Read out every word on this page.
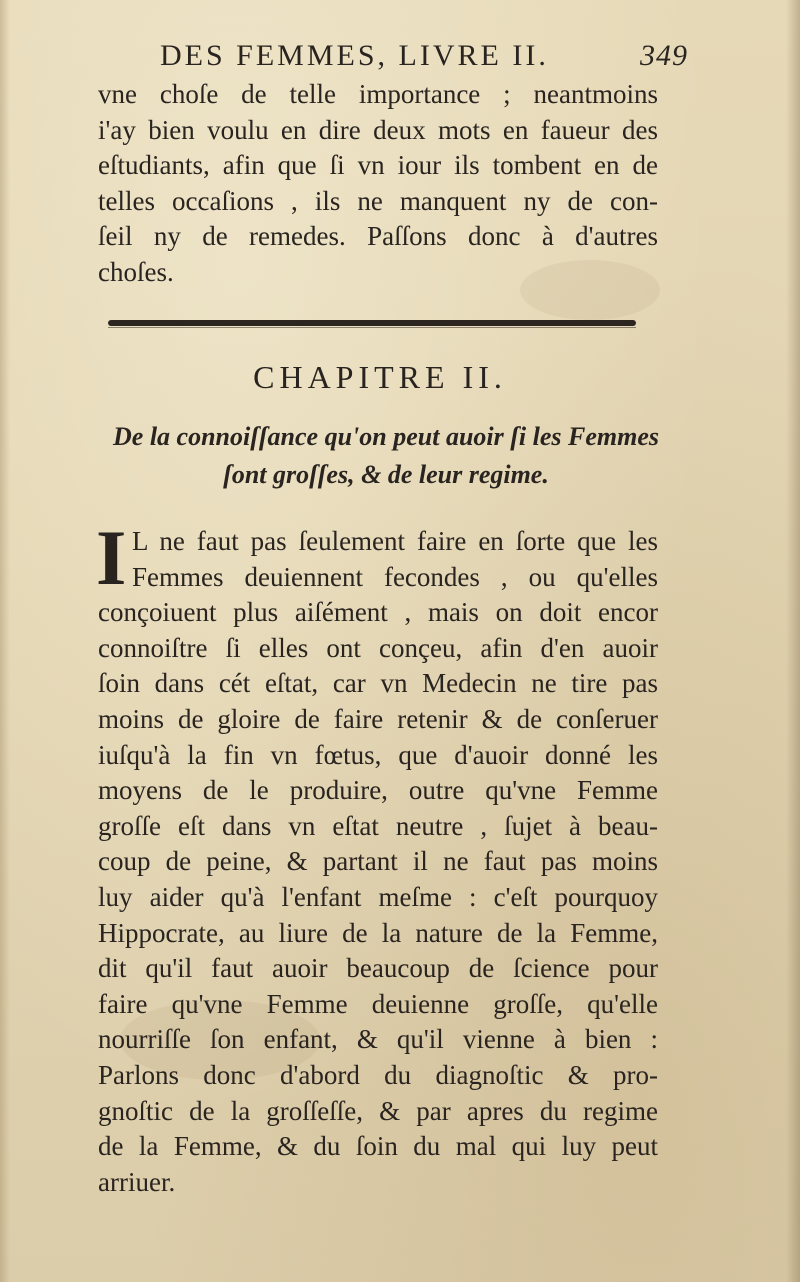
DES FEMMES, LIVRE II.	349
vne choſe de telle importance ; neantmoins
i'ay bien voulu en dire deux mots en faueur des
eſtudiants, afin que ſi vn iour ils tombent en de
telles occaſions , ils ne manquent ny de con-
ſeil ny de remedes. Paſſons donc à d'autres
choſes.
CHAPITRE II.
De la connoiſſance qu'on peut auoir ſi les Femmes
ſont groſſes, & de leur regime.
I L ne faut pas ſeulement faire en ſorte que les
Femmes deuiennent fecondes , ou qu'elles
conçoiuent plus aiſément , mais on doit encor
connoiſtre ſi elles ont conçeu, afin d'en auoir
ſoin dans cét eſtat, car vn Medecin ne tire pas
moins de gloire de faire retenir & de conſeruer
iuſqu'à la fin vn fœtus, que d'auoir donné les
moyens de le produire, outre qu'vne Femme
groſſe eſt dans vn eſtat neutre , ſujet à beau-
coup de peine, & partant il ne faut pas moins
luy aider qu'à l'enfant meſme : c'eſt pourquoy
Hippocrate, au liure de la nature de la Femme,
dit qu'il faut auoir beaucoup de ſcience pour
faire qu'vne Femme deuienne groſſe, qu'elle
nourriſſe ſon enfant, & qu'il vienne à bien :
Parlons donc d'abord du diagnoſtic & pro-
gnoſtic de la groſſeſſe, & par apres du regime
de la Femme, & du ſoin du mal qui luy peut
arriuer.
